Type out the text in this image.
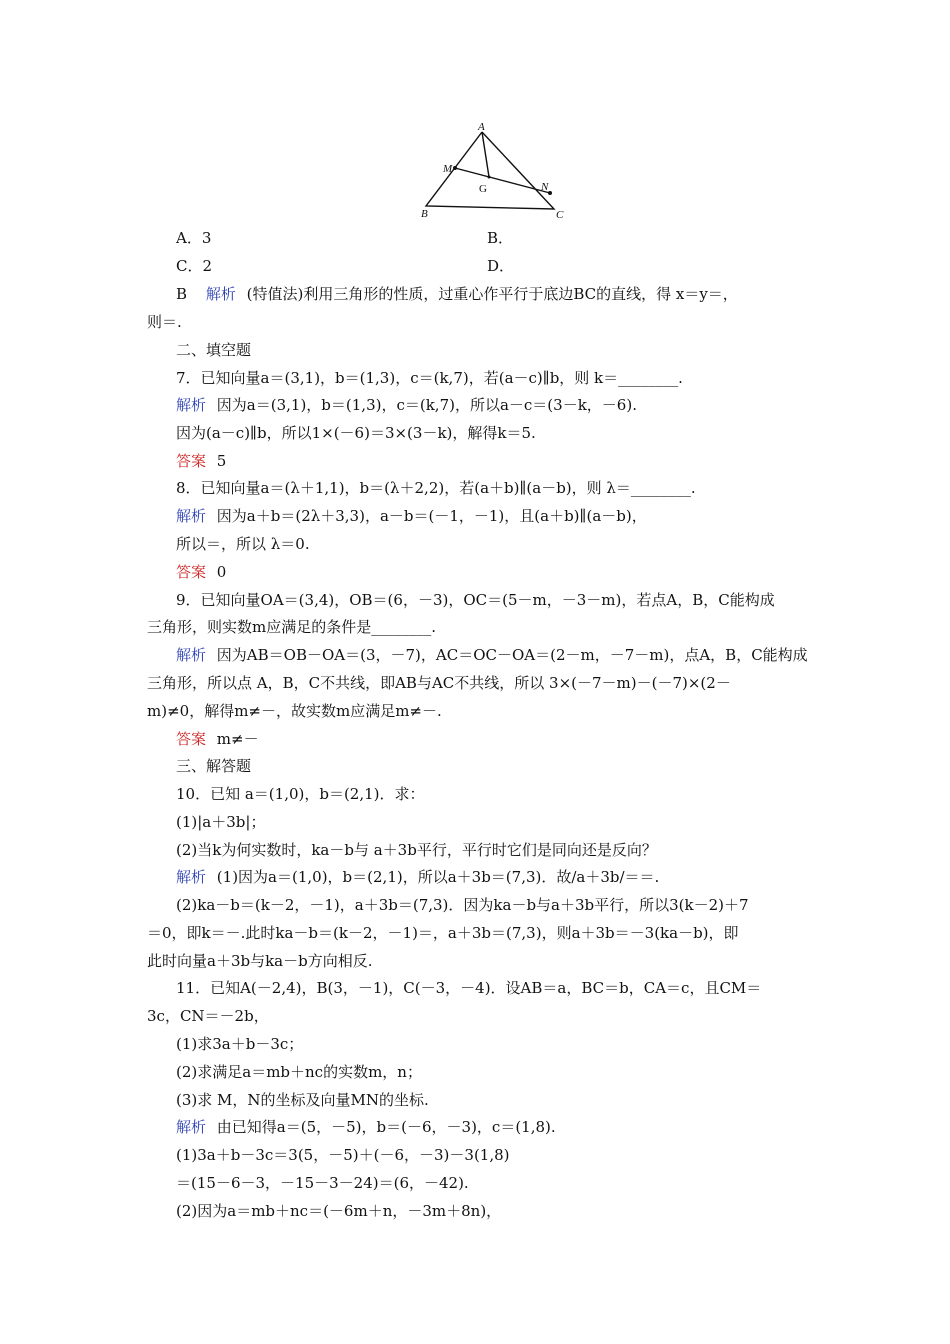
A
M
G	N
B	C
A．3	B．
C．2	D．
B 解析 (特值法)利用三角形的性质，过重心作平行于底边BC的直线，得 x＝y＝，
则＝.
二、填空题
7．已知向量a＝(3,1)，b＝(1,3)，c＝(k,7)，若(a－c)∥b，则 k＝________.
解析 因为a＝(3,1)，b＝(1,3)，c＝(k,7)，所以a－c＝(3－k，－6).
因为(a－c)∥b，所以1×(－6)＝3×(3－k)，解得k＝5.
答案 5
8．已知向量a＝(λ＋1,1)，b＝(λ＋2,2)，若(a＋b)∥(a－b)，则 λ＝________.
解析 因为a＋b＝(2λ＋3,3)，a－b＝(－1，－1)，且(a＋b)∥(a－b)，
所以＝，所以 λ＝0.
答案 0
9．已知向量OA＝(3,4)，OB＝(6，－3)，OC＝(5－m，－3－m)，若点A，B，C能构成
三角形，则实数m应满足的条件是________.
解析 因为AB＝OB－OA＝(3，－7)，AC＝OC－OA＝(2－m，－7－m)，点A，B，C能构成
三角形，所以点 A，B，C不共线，即AB与AC不共线，所以 3×(－7－m)－(－7)×(2－
m)≠0，解得m≠－，故实数m应满足m≠－.
答案 m≠－
三、解答题
10．已知 a＝(1,0)，b＝(2,1)．求：
(1)|a＋3b|；
(2)当k为何实数时，ka－b与 a＋3b平行，平行时它们是同向还是反向？
解析 (1)因为a＝(1,0)，b＝(2,1)，所以a＋3b＝(7,3)．故/a＋3b/＝＝.
(2)ka－b＝(k－2，－1)，a＋3b＝(7,3)．因为ka－b与a＋3b平行，所以3(k－2)＋7
＝0，即k＝－.此时ka－b＝(k－2，－1)＝，a＋3b＝(7,3)，则a＋3b＝－3(ka－b)，即
此时向量a＋3b与ka－b方向相反.
11．已知A(－2,4)，B(3，－1)，C(－3，－4)．设AB＝a，BC＝b，CA＝c，且CM＝
3c，CN＝－2b，
(1)求3a＋b－3c；
(2)求满足a＝mb＋nc的实数m，n；
(3)求 M，N的坐标及向量MN的坐标.
解析 由已知得a＝(5，－5)，b＝(－6，－3)，c＝(1,8).
(1)3a＋b－3c＝3(5，－5)＋(－6，－3)－3(1,8)
＝(15－6－3，－15－3－24)＝(6，－42).
(2)因为a＝mb＋nc＝(－6m＋n，－3m＋8n)，
